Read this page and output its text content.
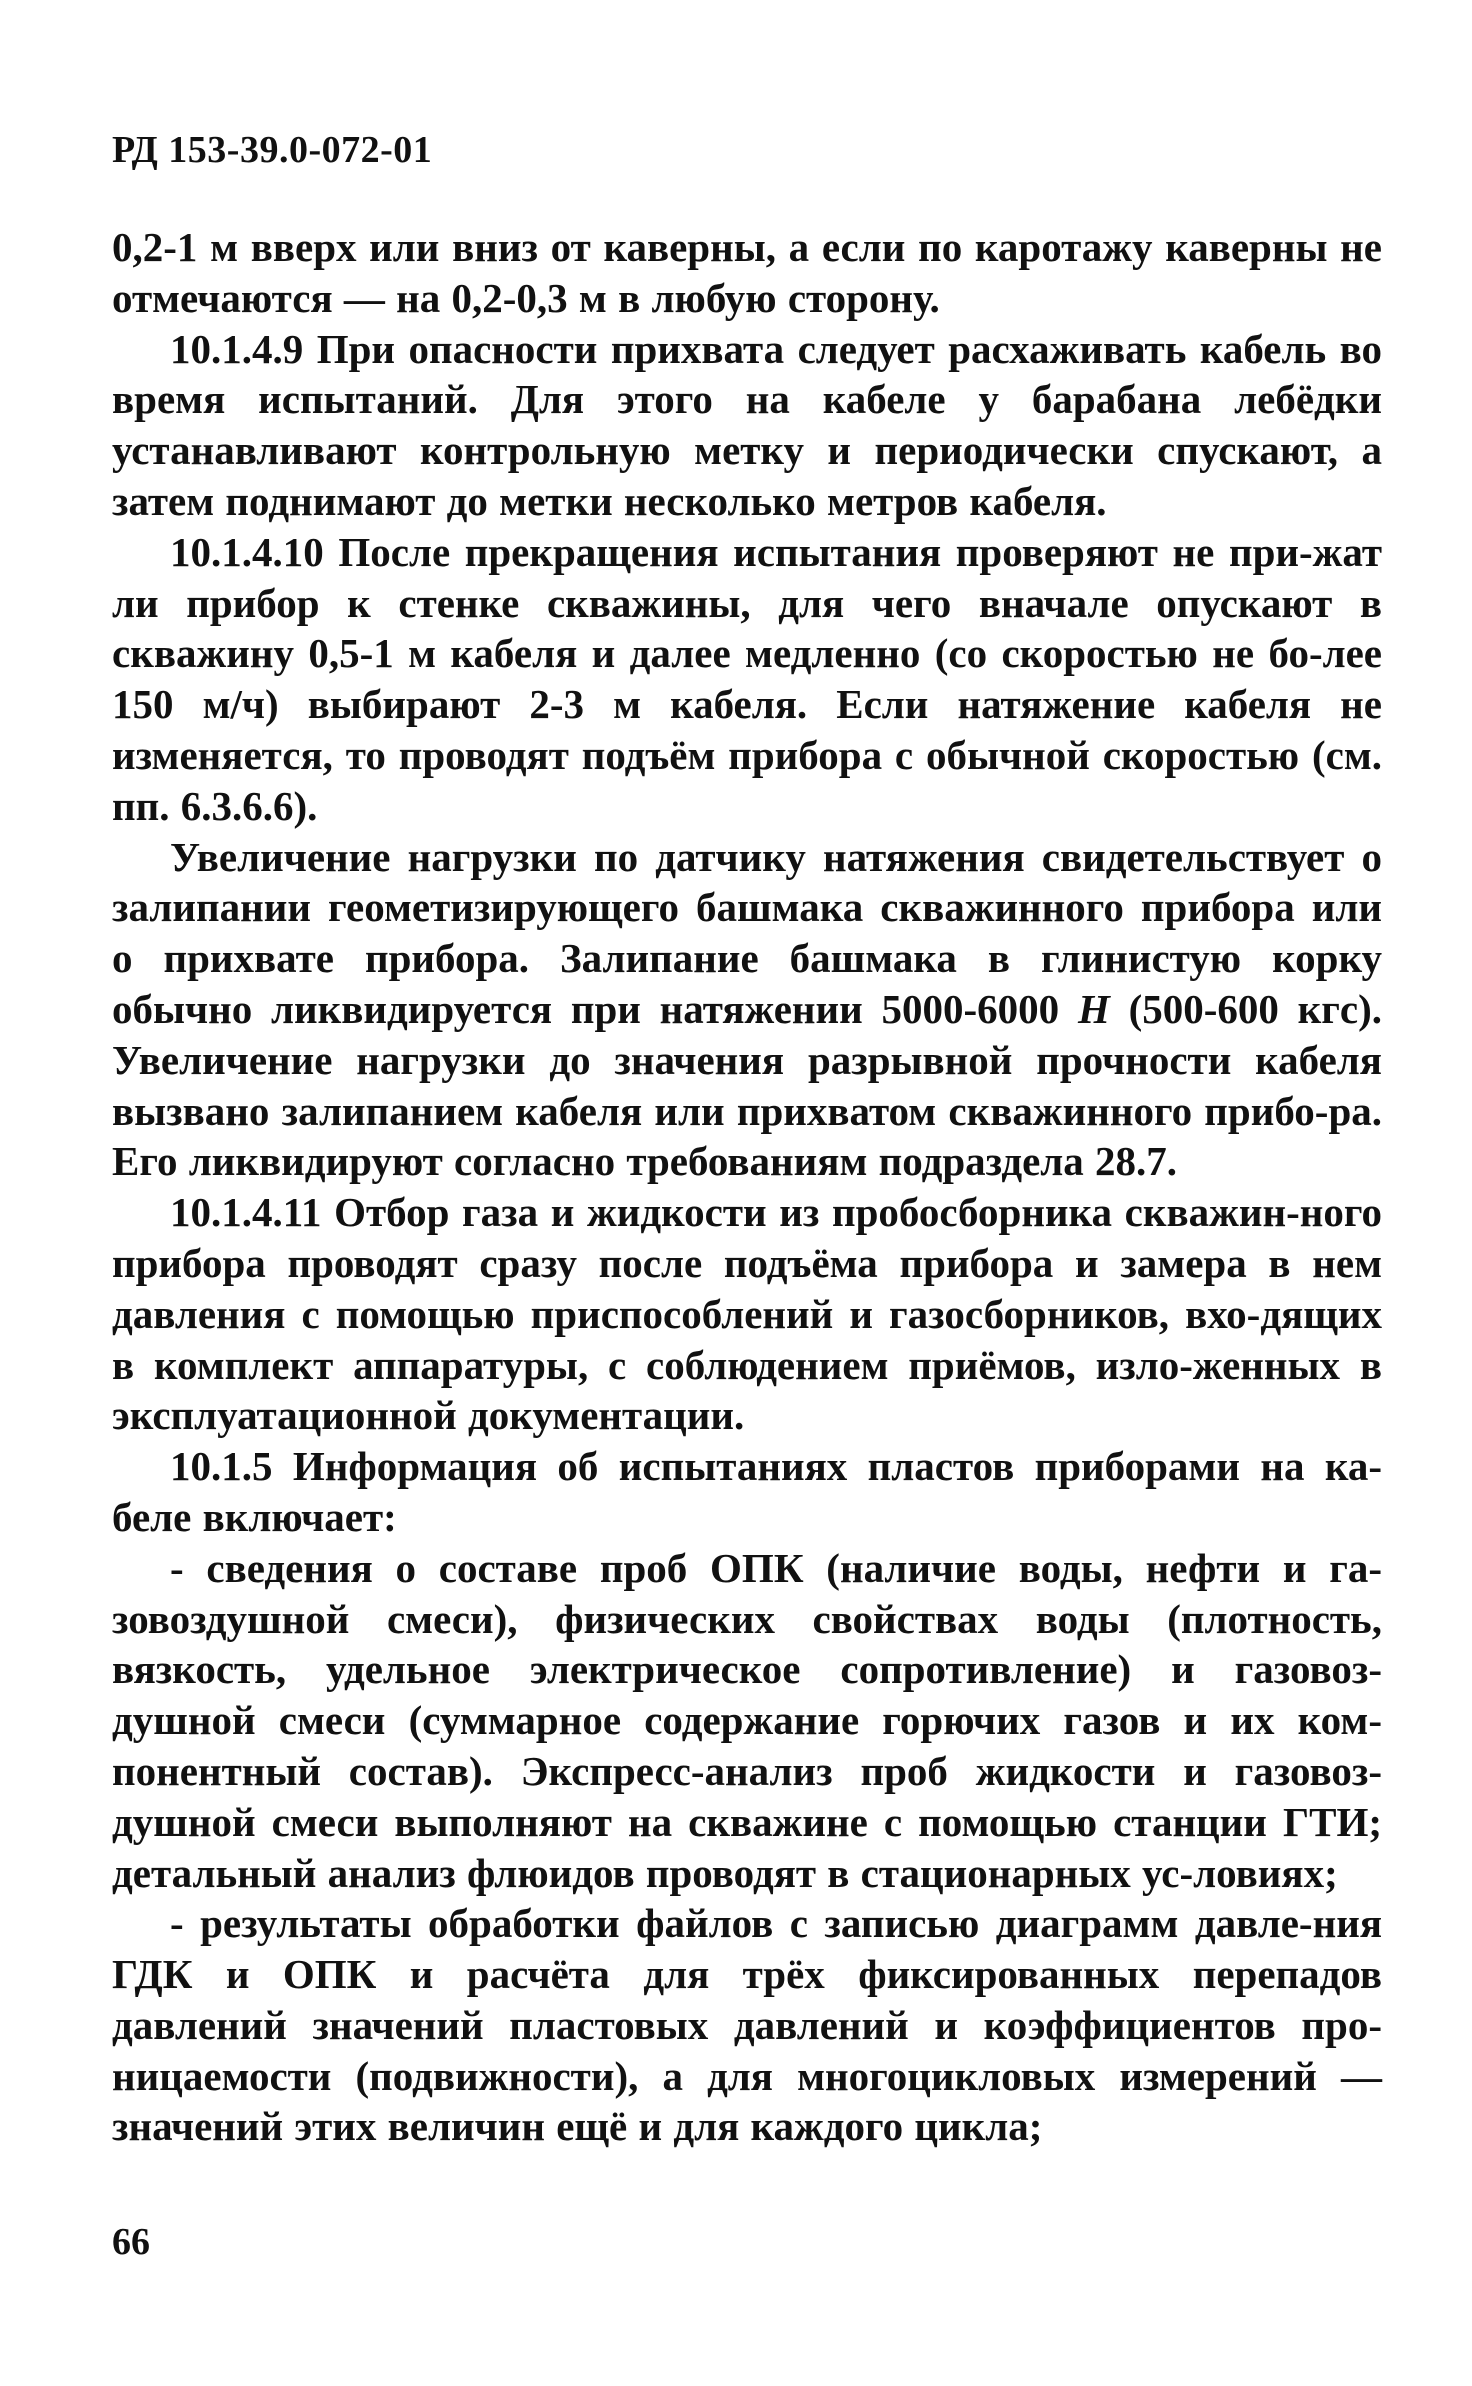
РД 153-39.0-072-01

0,2-1 м вверх или вниз от каверны, а если по каротажу каверны не отмечаются — на 0,2-0,3 м в любую сторону.

10.1.4.9 При опасности прихвата следует расхаживать кабель во время испытаний. Для этого на кабеле у барабана лебёдки устанавливают контрольную метку и периодически спускают, а затем поднимают до метки несколько метров кабеля.

10.1.4.10 После прекращения испытания проверяют не при-жат ли прибор к стенке скважины, для чего вначале опускают в скважину 0,5-1 м кабеля и далее медленно (со скоростью не бо-лее 150 м/ч) выбирают 2-3 м кабеля. Если натяжение кабеля не изменяется, то проводят подъём прибора с обычной скоростью (см. пп. 6.3.6.6).

Увеличение нагрузки по датчику натяжения свидетельствует о залипании геометизирующего башмака скважинного прибора или о прихвате прибора. Залипание башмака в глинистую корку обычно ликвидируется при натяжении 5000-6000 Н (500-600 кгс). Увеличение нагрузки до значения разрывной прочности кабеля вызвано залипанием кабеля или прихватом скважинного прибо-ра. Его ликвидируют согласно требованиям подраздела 28.7.

10.1.4.11 Отбор газа и жидкости из пробосборника скважин-ного прибора проводят сразу после подъёма прибора и замера в нем давления с помощью приспособлений и газосборников, вхо-дящих в комплект аппаратуры, с соблюдением приёмов, изло-женных в эксплуатационной документации.

10.1.5 Информация об испытаниях пластов приборами на ка-беле включает:

- сведения о составе проб ОПК (наличие воды, нефти и га-зовоздушной смеси), физических свойствах воды (плотность, вязкость, удельное электрическое сопротивление) и газовоз-душной смеси (суммарное содержание горючих газов и их ком-понентный состав). Экспресс-анализ проб жидкости и газовоз-душной смеси выполняют на скважине с помощью станции ГТИ; детальный анализ флюидов проводят в стационарных ус-ловиях;

- результаты обработки файлов с записью диаграмм давле-ния ГДК и ОПК и расчёта для трёх фиксированных перепадов давлений значений пластовых давлений и коэффициентов про-ницаемости (подвижности), а для многоцикловых измерений — значений этих величин ещё и для каждого цикла;

66
